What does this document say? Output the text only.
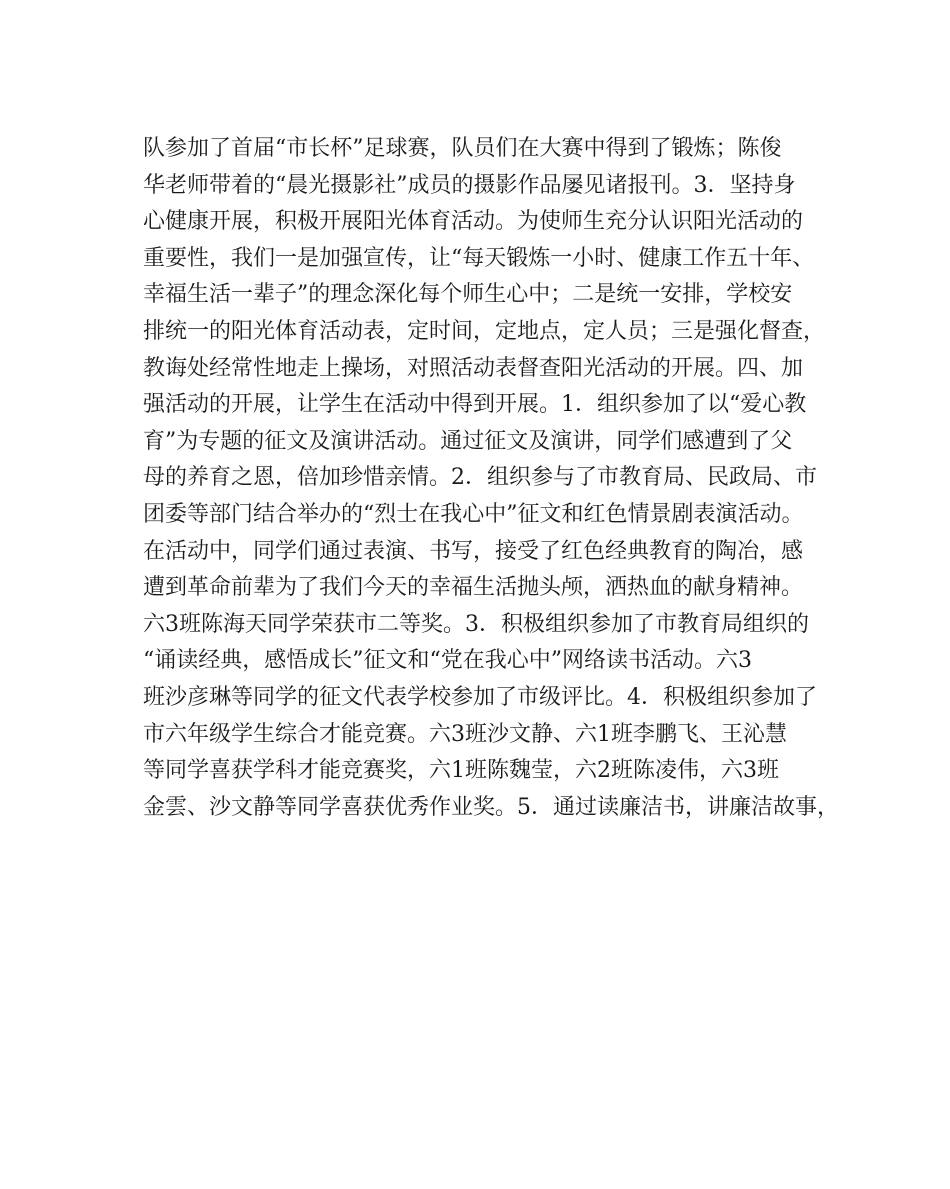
队参加了首届“市长杯”足球赛，队员们在大赛中得到了锻炼；陈俊
华老师带着的“晨光摄影社”成员的摄影作品屡见诸报刊。3．坚持身
心健康开展，积极开展阳光体育活动。为使师生充分认识阳光活动的
重要性，我们一是加强宣传，让“每天锻炼一小时、健康工作五十年、
幸福生活一辈子”的理念深化每个师生心中；二是统一安排，学校安
排统一的阳光体育活动表，定时间，定地点，定人员；三是强化督查，
教诲处经常性地走上操场，对照活动表督查阳光活动的开展。四、加
强活动的开展，让学生在活动中得到开展。1．组织参加了以“爱心教
育”为专题的征文及演讲活动。通过征文及演讲，同学们感遭到了父
母的养育之恩，倍加珍惜亲情。2．组织参与了市教育局、民政局、市
团委等部门结合举办的“烈士在我心中”征文和红色情景剧表演活动。
在活动中，同学们通过表演、书写，接受了红色经典教育的陶冶，感
遭到革命前辈为了我们今天的幸福生活抛头颅，洒热血的献身精神。
六3班陈海天同学荣获市二等奖。3．积极组织参加了市教育局组织的
“诵读经典，感悟成长”征文和“党在我心中”网络读书活动。六3
班沙彦琳等同学的征文代表学校参加了市级评比。4．积极组织参加了
市六年级学生综合才能竞赛。六3班沙文静、六1班李鹏飞、王沁慧
等同学喜获学科才能竞赛奖，六1班陈魏莹，六2班陈凌伟，六3班
金雲、沙文静等同学喜获优秀作业奖。5．通过读廉洁书，讲廉洁故事，
